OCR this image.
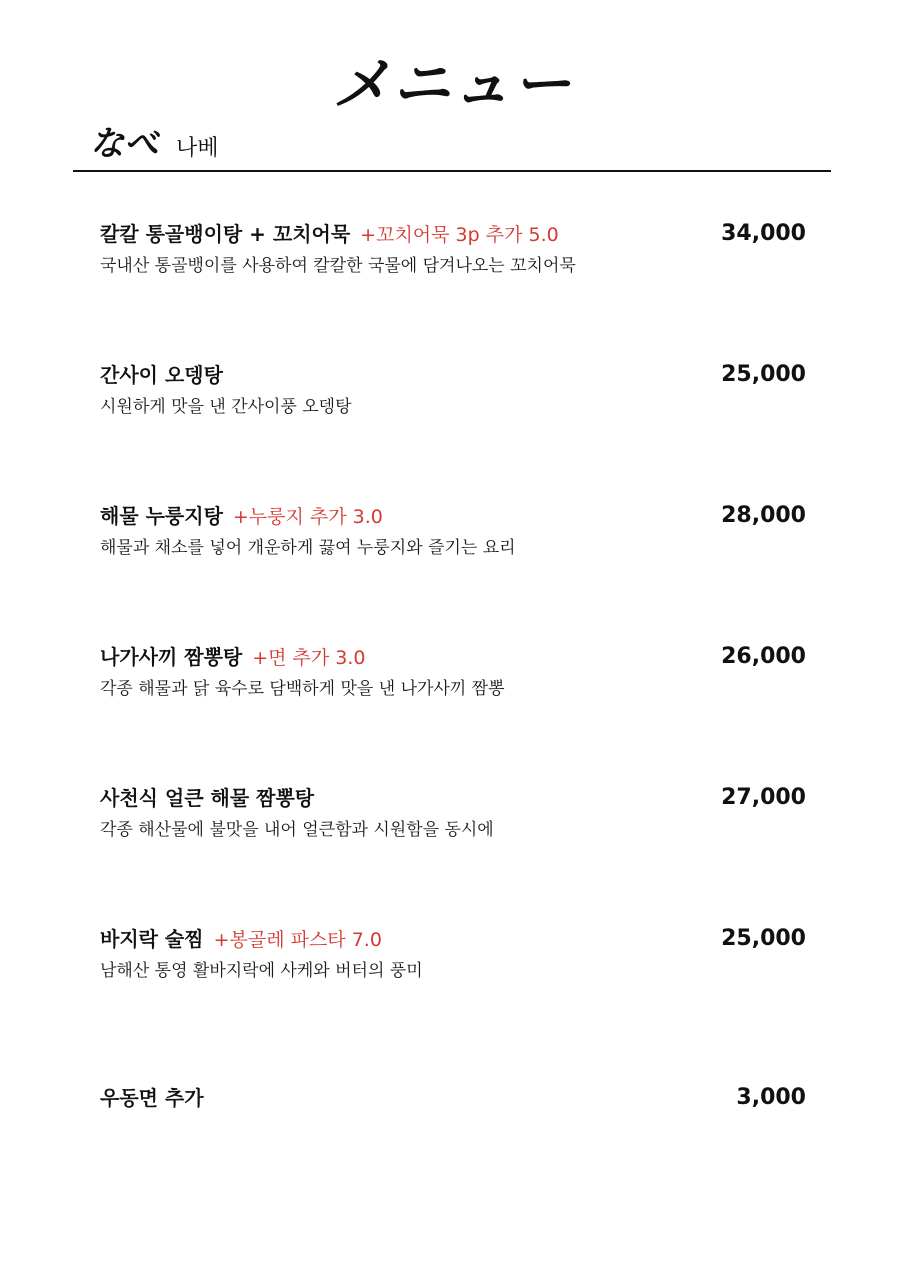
メニュー
なべ 나베
칼칼 통골뱅이탕 + 꼬치어묵 +꼬치어묵 3p 추가 5.0	34,000
국내산 통골뱅이를 사용하여 칼칼한 국물에 담겨나오는 꼬치어묵
간사이 오뎅탕	25,000
시원하게 맛을 낸 간사이풍 오뎅탕
해물 누룽지탕 +누룽지 추가 3.0	28,000
해물과 채소를 넣어 개운하게 끓여 누룽지와 즐기는 요리
나가사끼 짬뽕탕 +면 추가 3.0	26,000
각종 해물과 닭 육수로 담백하게 맛을 낸 나가사끼 짬뽕
사천식 얼큰 해물 짬뽕탕	27,000
각종 해산물에 불맛을 내어 얼큰함과 시원함을 동시에
바지락 술찜 +봉골레 파스타 7.0	25,000
남해산 통영 활바지락에 사케와 버터의 풍미
우동면 추가	3,000
